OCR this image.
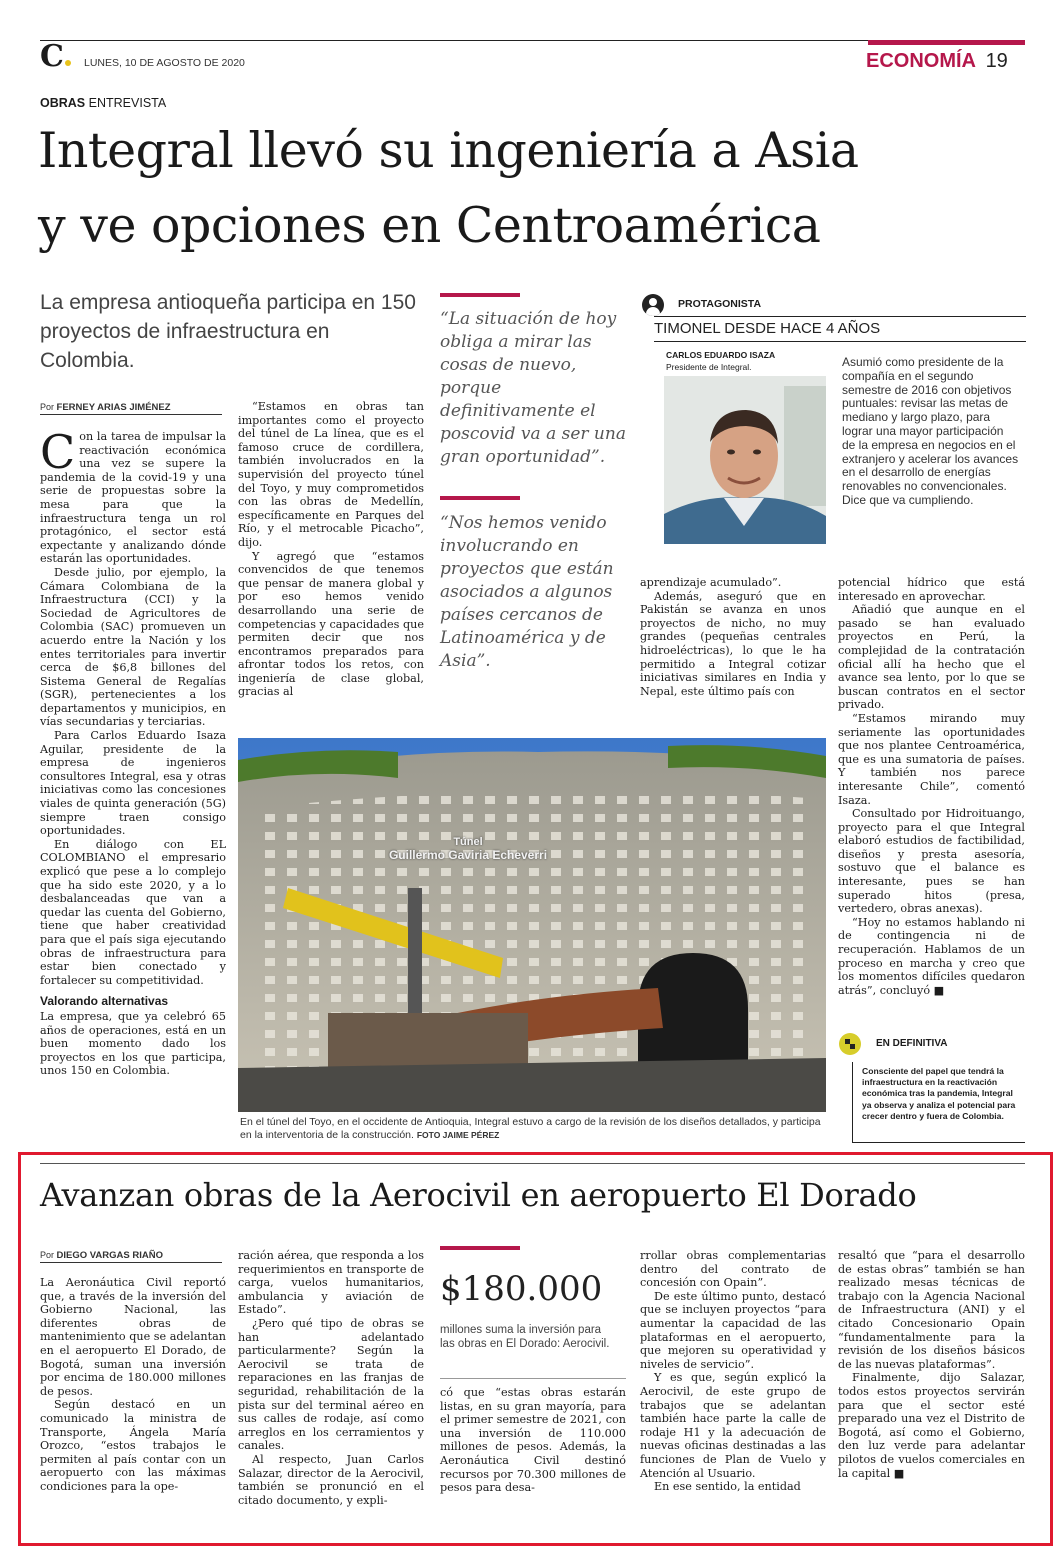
C	LUNES, 10 DE AGOSTO DE 2020	ECONOMÍA 19
OBRAS ENTREVISTA
Integral llevó su ingeniería a Asia
y ve opciones en Centroamérica
La empresa antioqueña participa en 150 proyectos de infraestructura en Colombia.
Por FERNEY ARIAS JIMÉNEZ

Con la tarea de impulsar la reactivación económica una vez se supere la pandemia de la covid-19 y una serie de propuestas sobre la mesa para que la infraestructura tenga un rol protagónico, el sector está expectante y analizando dónde estarán las oportunidades.

Desde julio, por ejemplo, la Cámara Colombiana de la Infraestructura (CCI) y la Sociedad de Agricultores de Colombia (SAC) promueven un acuerdo entre la Nación y los entes territoriales para invertir cerca de $6,8 billones del Sistema General de Regalías (SGR), pertenecientes a los departamentos y municipios, en vías secundarias y terciarias.

Para Carlos Eduardo Isaza Aguilar, presidente de la empresa de ingenieros consultores Integral, esa y otras iniciativas como las concesiones viales de quinta generación (5G) siempre traen consigo oportunidades.

En diálogo con EL COLOMBIANO el empresario explicó que pese a lo complejo que ha sido este 2020, y a lo desbalanceadas que van a quedar las cuenta del Gobierno, tiene que haber creatividad para que el país siga ejecutando obras de infraestructura para estar bien conectado y fortalecer su competitividad.

Valorando alternativas

La empresa, que ya celebró 65 años de operaciones, está en un buen momento dado los proyectos en los que participa, unos 150 en Colombia.

“Estamos en obras tan importantes como el proyecto del túnel de La línea, que es el famoso cruce de cordillera, también involucrados en la supervisión del proyecto túnel del Toyo, y muy comprometidos con las obras de Medellín, específicamente en Parques del Río, y el metrocable Picacho”, dijo.

Y agregó que “estamos convencidos de que tenemos que pensar de manera global y por eso hemos venido desarrollando una serie de competencias y capacidades que permiten decir que nos encontramos preparados para afrontar todos los retos, con ingeniería de clase global, gracias al

“La situación de hoy obliga a mirar las cosas de nuevo, porque definitivamente el poscovid va a ser una gran oportunidad”.
“Nos hemos venido involucrando en proyectos que están asociados a algunos países cercanos de Latinoamérica y de Asia”.
PROTAGONISTA
TIMONEL DESDE HACE 4 AÑOS
CARLOS EDUARDO ISAZA
Presidente de Integral.	Asumió como presidente de la compañía en el segundo semestre de 2016 con objetivos puntuales: revisar las metas de mediano y largo plazo, para lograr una mayor participación de la empresa en negocios en el extranjero y acelerar los avances en el desarrollo de energías renovables no convencionales. Dice que va cumpliendo.

aprendizaje acumulado”.

Además, aseguró que en Pakistán se avanza en unos proyectos de nicho, no muy grandes (pequeñas centrales hidroeléctricas), lo que le ha permitido a Integral cotizar iniciativas similares en India y Nepal, este último país con

potencial hídrico que está interesado en aprovechar.

Añadió que aunque en el pasado se han evaluado proyectos en Perú, la complejidad de la contratación oficial allí ha hecho que el avance sea lento, por lo que se buscan contratos en el sector privado.

“Estamos mirando muy seriamente las oportunidades que nos plantee Centroamérica, que es una sumatoria de países. Y también nos parece interesante Chile”, comentó Isaza.

Consultado por Hidroituango, proyecto para el que Integral elaboró estudios de factibilidad, diseños y presta asesoría, sostuvo que el balance es interesante, pues se han superado hitos (presa, vertedero, obras anexas).

“Hoy no estamos hablando ni de contingencia ni de recuperación. Hablamos de un proceso en marcha y creo que los momentos difíciles quedaron atrás”, concluyó ■

Túnel
Guillermo Gaviria Echeverri
En el túnel del Toyo, en el occidente de Antioquia, Integral estuvo a cargo de la revisión de los diseños detallados, y participa en la interventoria de la construcción. FOTO JAIME PÉREZ
EN DEFINITIVA
Consciente del papel que tendrá la infraestructura en la reactivación económica tras la pandemia, Integral ya observa y analiza el potencial para crecer dentro y fuera de Colombia.
Avanzan obras de la Aerocivil en aeropuerto El Dorado
Por DIEGO VARGAS RIAÑO

La Aeronáutica Civil reportó que, a través de la inversión del Gobierno Nacional, las diferentes obras de mantenimiento que se adelantan en el aeropuerto El Dorado, de Bogotá, suman una inversión por encima de 180.000 millones de pesos.

Según destacó en un comunicado la ministra de Transporte, Ángela María Orozco, “estos trabajos le permiten al país contar con un aeropuerto con las máximas condiciones para la ope-

ración aérea, que responda a los requerimientos en transporte de carga, vuelos humanitarios, ambulancia y aviación de Estado”.

¿Pero qué tipo de obras se han adelantado particularmente? Según la Aerocivil se trata de reparaciones en las franjas de seguridad, rehabilitación de la pista sur del terminal aéreo en sus calles de rodaje, así como arreglos en los cerramientos y canales.

Al respecto, Juan Carlos Salazar, director de la Aerocivil, también se pronunció en el citado documento, y expli-

$180.000
millones suma la inversión para las obras en El Dorado: Aerocivil.

có que “estas obras estarán listas, en su gran mayoría, para el primer semestre de 2021, con una inversión de 110.000 millones de pesos. Además, la Aeronáutica Civil destinó recursos por 70.300 millones de pesos para desa-

rrollar obras complementarias dentro del contrato de concesión con Opain”.

De este último punto, destacó que se incluyen proyectos “para aumentar la capacidad de las plataformas en el aeropuerto, que mejoren su operatividad y niveles de servicio”.

Y es que, según explicó la Aerocivil, de este grupo de trabajos que se adelantan también hace parte la calle de rodaje H1 y la adecuación de nuevas oficinas destinadas a las funciones de Plan de Vuelo y Atención al Usuario.

En ese sentido, la entidad

resaltó que “para el desarrollo de estas obras” también se han realizado mesas técnicas de trabajo con la Agencia Nacional de Infraestructura (ANI) y el citado Concesionario Opain “fundamentalmente para la revisión de los diseños básicos de las nuevas plataformas”.

Finalmente, dijo Salazar, todos estos proyectos servirán para que el sector esté preparado una vez el Distrito de Bogotá, así como el Gobierno, den luz verde para adelantar pilotos de vuelos comerciales en la capital ■
